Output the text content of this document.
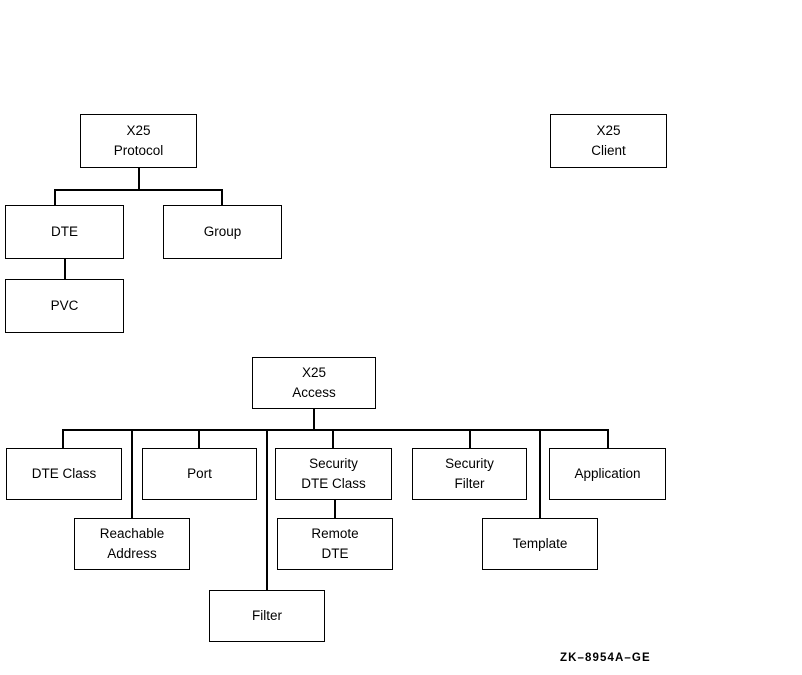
X25
Protocol
X25
Client
DTE	Group
PVC
X25
Access
DTE Class	Port
Security
DTE Class
Security
Filter
Application
Reachable
Address
Remote
DTE
Template
Filter
ZK–8954A–GE
